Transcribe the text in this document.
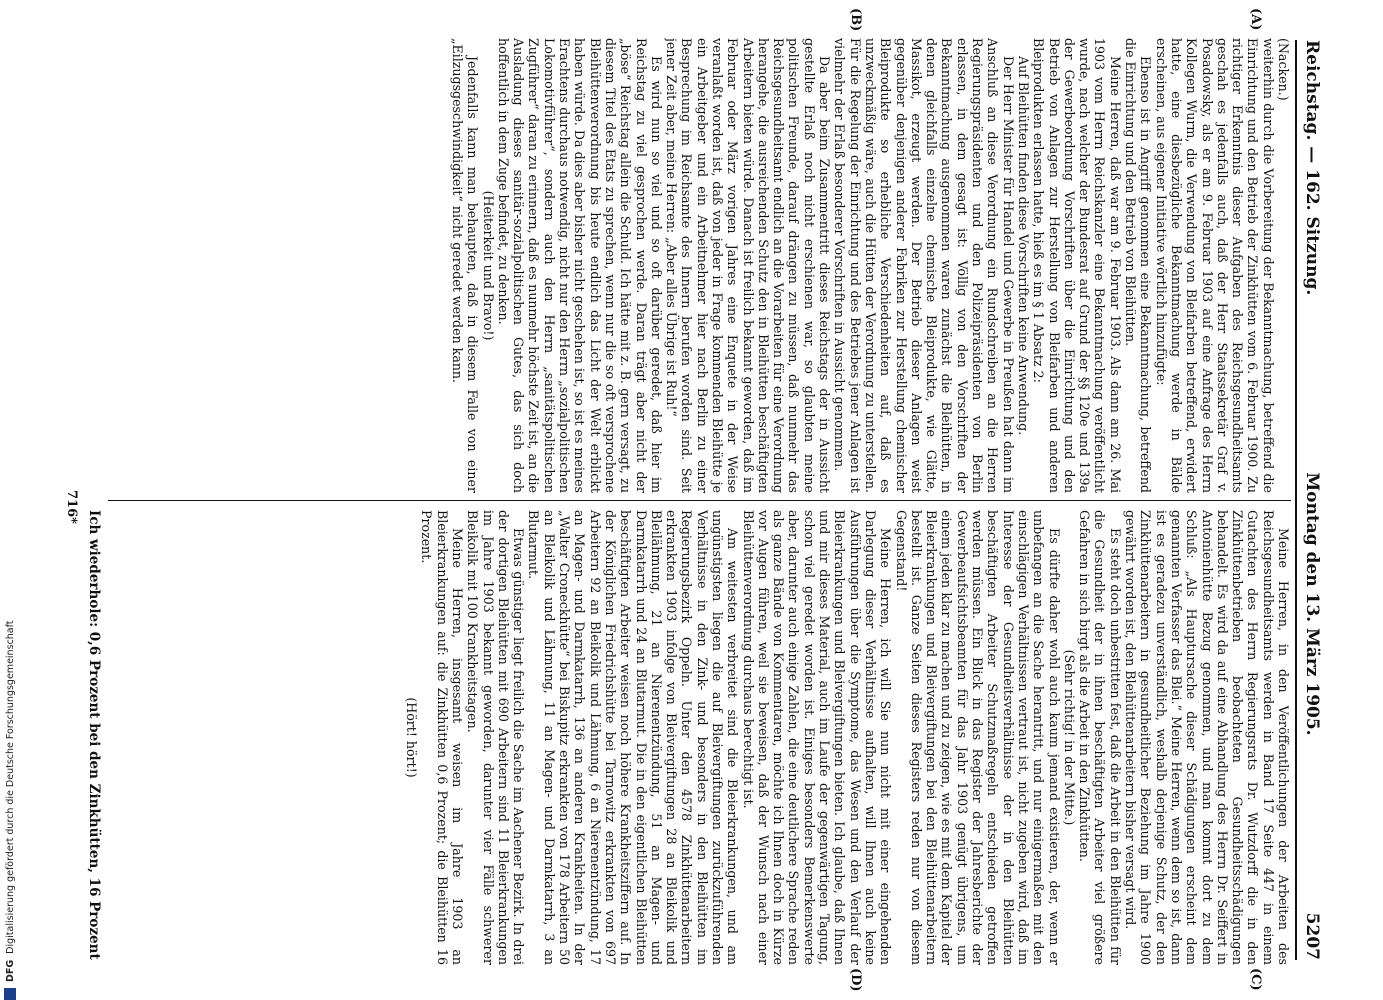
Reichstag. — 162. Sitzung.
Montag den 13. März 1905.
5207
(A)
(B)
(C)
(D)

(Nacken.)

weiterhin durch die Vorbereitung der Bekanntmachung, betreffend die Einrichtung und den Betrieb der Zinkhütten vom 6. Februar 1900. Zu richtiger Erkenntnis dieser Aufgaben des Reichsgesundheitsamts geschah es jedenfalls auch, daß der Herr Staatssekretär Graf v. Posadowsky, als er am 9. Februar 1903 auf eine Anfrage des Herrn Kollegen Wurm, die Verwendung von Bleifarben betreffend, erwidert hatte, eine diesbezügliche Bekanntmachung werde in Bälde erscheinen, aus eigener Initiative wörtlich hinzufügte:

Ebenso ist in Angriff genommen eine Bekanntmachung, betreffend die Einrichtung und den Betrieb von Bleihütten.

Meine Herren, daß war am 9. Februar 1903. Als dann am 26. Mai 1903 vom Herrn Reichskanzler eine Bekanntmachung veröffentlicht wurde, nach welcher der Bundesrat auf Grund der §§ 120e und 139a der Gewerbeordnung Vorschriften über die Einrichtung und den Betrieb von Anlagen zur Herstellung von Bleifarben und anderen Bleiprodukten erlassen hatte, hieß es im § 1 Absatz 2:

Auf Bleihütten finden diese Vorschriften keine Anwendung.

Der Herr Minister für Handel und Gewerbe in Preußen hat dann im Anschluß an diese Verordnung ein Rundschreiben an die Herren Regierungspräsidenten und den Polizeipräsidenten von Berlin erlassen, in dem gesagt ist: Völlig von den Vorschriften der Bekanntmachung ausgenommen waren zunächst die Bleihütten, in denen gleichfalls einzelne chemische Bleiprodukte, wie Glätte, Massikot, erzeugt werden. Der Betrieb dieser Anlagen weist gegenüber denjenigen anderer Fabriken zur Herstellung chemischer Bleiprodukte so erhebliche Verschiedenheiten auf, daß es unzweckmäßig wäre, auch die Hütten der Verordnung zu unterstellen. Für die Regelung der Einrichtung und des Betriebes jener Anlagen ist vielmehr der Erlaß besonderer Vorschriften in Aussicht genommen.

Da aber beim Zusammentritt dieses Reichstags der in Aussicht gestellte Erlaß noch nicht erschienen war, so glaubten meine politischen Freunde, darauf drängen zu müssen, daß nunmehr das Reichsgesundheitsamt endlich an die Vorarbeiten für eine Verordnung herangehe, die ausreichenden Schutz den in Bleihütten beschäftigten Arbeitern bieten würde. Danach ist freilich bekannt geworden, daß im Februar oder März vorigen Jahres eine Enquete in der Weise veranlaßt worden ist, daß von jeder in Frage kommenden Bleihütte je ein Arbeitgeber und ein Arbeitnehmer hier nach Berlin zu einer Besprechung im Reichsamte des Innern berufen worden sind. Seit jener Zeit aber, meine Herren: „Aber alles Übrige ist Ruh!“

Es wird nun so viel und so oft darüber geredet, daß hier im Reichstag zu viel gesprochen werde. Daran trägt aber nicht der „böse“ Reichstag allein die Schuld. Ich hätte mit z. B. gern versagt, zu diesem Titel des Etats zu sprechen, wenn nur die so oft versprochene Bleihüttenverordnung bis heute endlich das Licht der Welt erblickt haben würde. Da dies aber bisher nicht geschehen ist, so ist es meines Erachtens durchaus notwendig, nicht nur den Herrn „sozialpolitischen Lokomotivführer“, sondern auch den Herrn „sanitätspolitischen Zugführer“ daran zu erinnern, daß es nunmehr höchste Zeit ist, an die Ausladung dieses sanitär-sozialpolitischen Gutes, das sich doch hoffentlich in dem Zuge befindet, zu denken.

(Heiterkeit und Bravo!)

Jedenfalls kann man behaupten, daß in diesem Falle von einer „Eilzugsgeschwindigkeit“ nicht geredet werden kann.

Meine Herren, in den Veröffentlichungen der Arbeiten des Reichsgesundheitsamts werden in Band 17 Seite 447 in einem Gutachten des Herrn Regierungsrats Dr. Wutzdorff die in den Zinkhüttenbetrieben beobachteten Gesundheitsschädigungen behandelt. Es wird da auf eine Abhandlung des Herrn Dr. Seiffert in Antonienhütte Bezug genommen, und man kommt dort zu dem Schluß: „Als Hauptursache dieser Schädigungen erscheint dem genannten Verfasser das Blei.“ Meine Herren, wenn dem so ist, dann ist es geradezu unverständlich, weshalb derjenige Schutz, der den Zinkhüttenarbeitern in gesundheitlicher Beziehung im Jahre 1900 gewährt worden ist, den Bleihüttenarbeitern bisher versagt wird.

Es steht doch unbestritten fest, daß die Arbeit in den Bleihütten für die Gesundheit der in ihnen beschäftigten Arbeiter viel größere Gefahren in sich birgt als die Arbeit in den Zinkhütten.

(Sehr richtig! in der Mitte.)

Es dürfte daher wohl auch kaum jemand existieren, der, wenn er unbefangen an die Sache herantritt, und nur einigermaßen mit den einschlägigen Verhältnissen vertraut ist, nicht zugeben wird, daß im Interesse der Gesundheitsverhältnisse der in den Bleihütten beschäftigten Arbeiter Schutzmaßregeln entschieden getroffen werden müssen. Ein Blick in das Register der Jahresberichte der Gewerbeaufsichtsbeamten für das Jahr 1903 genügt übrigens, um einem jeden klar zu machen und zu zeigen, wie es mit dem Kapitel der Bleierkrankungen und Bleivergiftungen bei den Bleihüttenarbeitern bestellt ist. Ganze Seiten dieses Registers reden nur von diesem Gegenstand!

Meine Herren, ich will Sie nun nicht mit einer eingehenden Darlegung dieser Verhältnisse aufhalten, will Ihnen auch keine Ausführungen über die Symptome, das Wesen und den Verlauf der Bleierkrankungen und Bleivergiftungen bieten. Ich glaube, daß Ihnen und mir dieses Material, auch im Laufe der gegenwärtigen Tagung, schon viel geredet worden ist. Einiges besonders Bemerkenswerte aber, darunter auch einige Zahlen, die eine deutlichere Sprache reden als ganze Bände von Kommentaren, möchte ich Ihnen doch in Kürze vor Augen führen, weil sie beweisen, daß der Wunsch nach einer Bleihüttenverordnung durchaus berechtigt ist.

Am weitesten verbreitet sind die Bleierkrankungen, und am ungünstigsten liegen die auf Bleivergiftungen zurückzuführenden Verhältnisse in den Zink- und besonders in den Bleihütten im Regierungsbezirk Oppeln. Unter den 4578 Zinkhüttenarbeitern erkrankten 1903 infolge von Bleivergiftungen 28 an Bleikolik und Bleilähmung, 21 an Nierenentzündung, 51 an Magen- und Darmkatarrh und 24 an Blutarmut. Die in den eigentlichen Bleihütten beschäftigten Arbeiter weisen noch höhere Krankheitsziffern auf. In der Königlichen Friedrichshütte bei Tarnowitz erkrankten von 697 Arbeitern 92 an Bleikolik und Lähmung, 6 an Nierenentzündung, 17 an Magen- und Darmkatarrh, 136 an anderen Krankheiten. In der „Walter Croneckhütte“ bei Biskupitz erkrankten von 178 Arbeitern 50 an Bleikolik und Lähmung, 11 an Magen- und Darmkatarrh, 3 an Blutarmut.

Etwas günstiger liegt freilich die Sache im Aachener Bezirk. In drei der dortigen Bleihütten mit 690 Arbeitern sind 11 Bleierkrankungen im Jahre 1903 bekannt geworden, darunter vier Fälle schwerer Bleikolik mit 100 Krankheitstagen.

Meine Herren, insgesamt weisen im Jahre 1903 an Bleierkrankungen auf: die Zinkhütten 0,6 Prozent; die Bleihütten 16 Prozent.

(Hört! hört!)

Ich wiederhole: 0,6 Prozent bei den Zinkhütten, 16 Prozent
716*
DFG
Digitalisierung gefördert durch die Deutsche Forschungsgemeinschaft
